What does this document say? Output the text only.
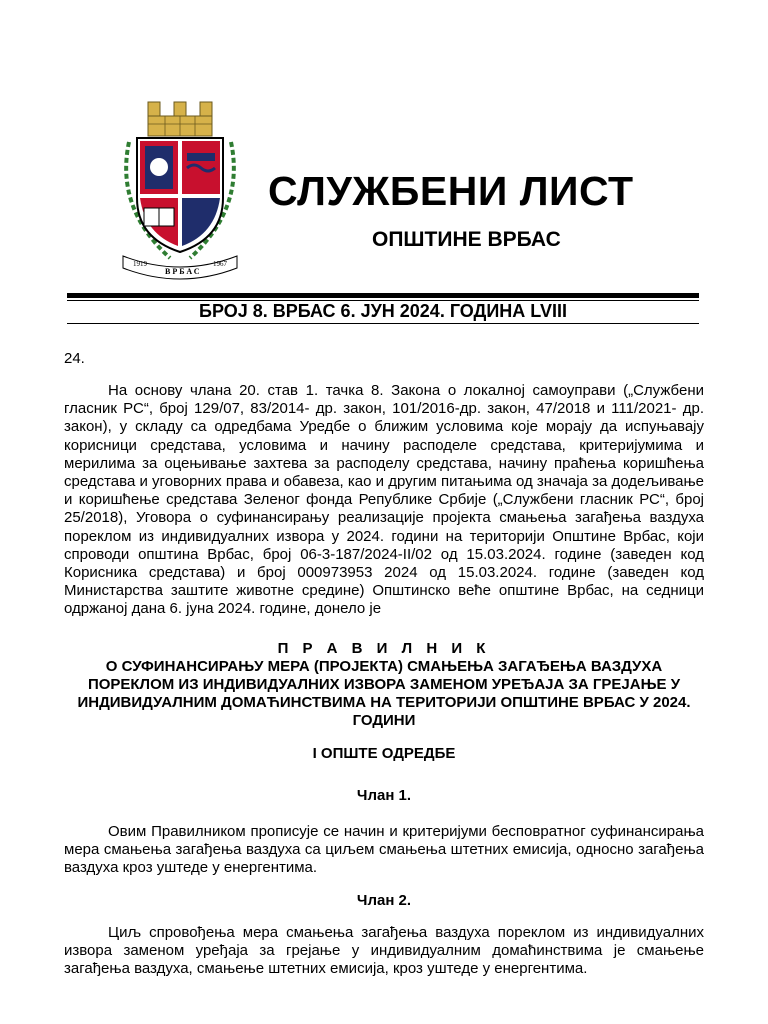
1919
ВРБАС
1967
СЛУЖБЕНИ ЛИСТ
ОПШТИНЕ ВРБАС
БРОЈ 8. ВРБАС 6. ЈУН 2024. ГОДИНА LVIII
24.

На основу члана 20. став 1. тачка 8. Закона о локалној самоуправи („Службени гласник РС“, број 129/07, 83/2014- др. закон, 101/2016-др. закон, 47/2018 и 111/2021- др. закон), у складу са одредбама Уредбе о ближим условима које морају да испуњавају корисници средстава, условима и начину расподеле средстава, критеријумима и мерилима за оцењивање захтева за расподелу средстава, начину праћења коришћења средстава и уговорних права и обавеза, као и другим питањима од значаја за додељивање и коришћење средстава Зеленог фонда Републике Србије („Службени гласник РС“, број 25/2018), Уговора о суфинансирању реализације пројекта смањења загађења ваздуха пореклом из индивидуалних извора у 2024. години на територији Општине Врбас, који спроводи општина Врбас, број 06-3-187/2024-II/02 од 15.03.2024. године (заведен код Корисника средстава) и број 000973953 2024 од 15.03.2024. године (заведен код Министарства заштите животне средине) Општинско веће општине Врбас, на седници одржаној дана 6. јуна 2024. године, донело је

П Р А В И Л Н И К

О СУФИНАНСИРАЊУ МЕРА (ПРОЈЕКТА) СМАЊЕЊА ЗАГАЂЕЊА ВАЗДУХА ПОРЕКЛОМ ИЗ ИНДИВИДУАЛНИХ ИЗВОРА ЗАМЕНОМ УРЕЂАЈА ЗА ГРЕЈАЊЕ У ИНДИВИДУАЛНИМ ДОМАЋИНСТВИМА НА ТЕРИТОРИЈИ ОПШТИНЕ ВРБАС У 2024. ГОДИНИ

I ОПШТЕ ОДРЕДБЕ

Члан 1.

Овим Правилником прописује се начин и критеријуми бесповратног суфинансирања мера смањења загађења ваздуха са циљем смањења штетних емисија, односно загађења ваздуха кроз уштеде у енергентима.

Члан 2.

Циљ спровођења мера смањења загађења ваздуха пореклом из индивидуалних извора заменом уређаја за грејање у индивидуалним домаћинствима је смањење загађења ваздуха, смањење штетних емисија, кроз уштеде у енергентима.
